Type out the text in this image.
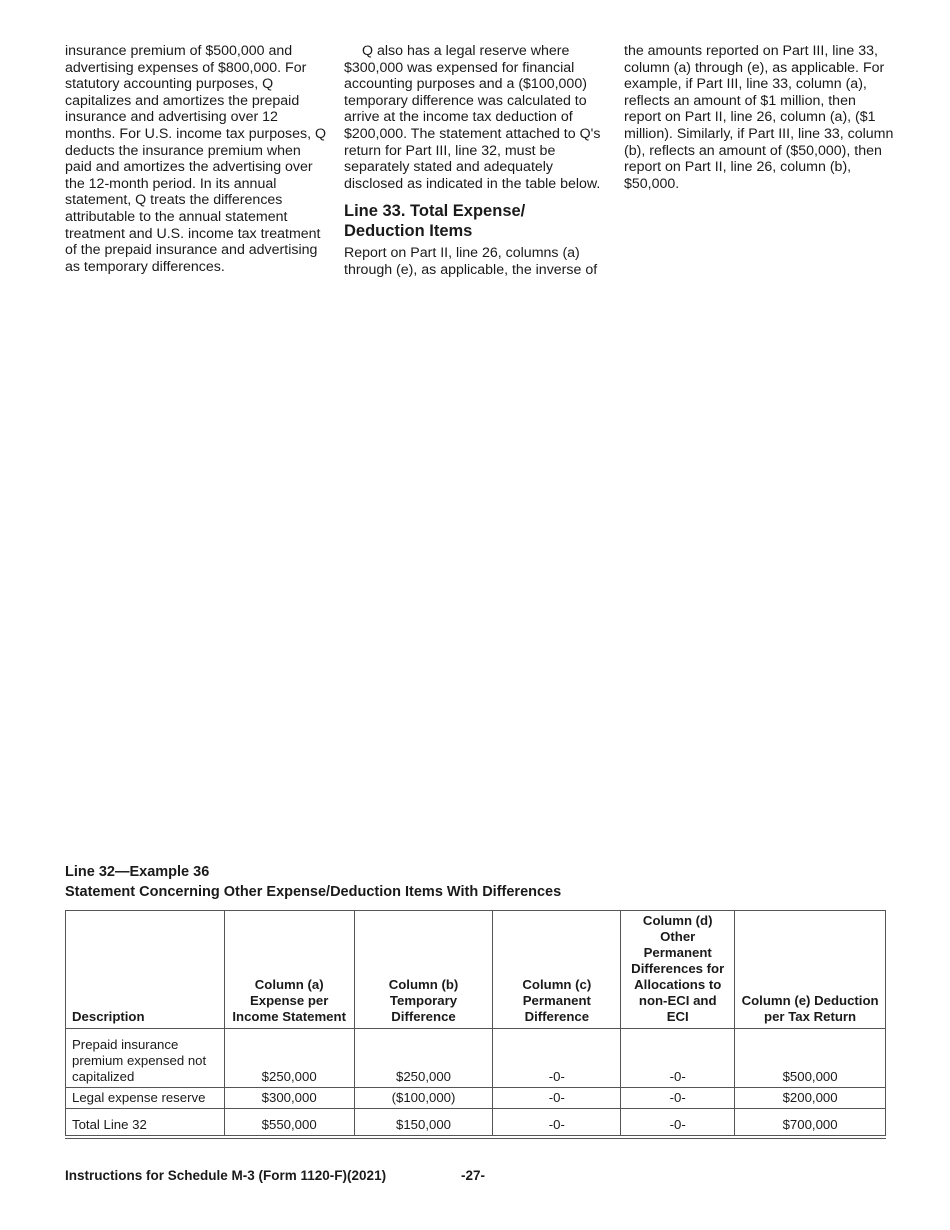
insurance premium of $500,000 and advertising expenses of $800,000. For statutory accounting purposes, Q capitalizes and amortizes the prepaid insurance and advertising over 12 months. For U.S. income tax purposes, Q deducts the insurance premium when paid and amortizes the advertising over the 12-month period. In its annual statement, Q treats the differences attributable to the annual statement treatment and U.S. income tax treatment of the prepaid insurance and advertising as temporary differences.

Q also has a legal reserve where $300,000 was expensed for financial accounting purposes and a ($100,000) temporary difference was calculated to arrive at the income tax deduction of $200,000. The statement attached to Q's return for Part III, line 32, must be separately stated and adequately disclosed as indicated in the table below.

Line 33. Total Expense/ Deduction Items

Report on Part II, line 26, columns (a) through (e), as applicable, the inverse of

the amounts reported on Part III, line 33, column (a) through (e), as applicable. For example, if Part III, line 33, column (a), reflects an amount of $1 million, then report on Part II, line 26, column (a), ($1 million). Similarly, if Part III, line 33, column (b), reflects an amount of ($50,000), then report on Part II, line 26, column (b), $50,000.

Line 32—Example 36
Statement Concerning Other Expense/Deduction Items With Differences
Description	Column (a) Expense per Income Statement	Column (b) Temporary Difference	Column (c) Permanent Difference	Column (d) Other Permanent Differences for Allocations to non-ECI and ECI	Column (e) Deduction per Tax Return
Prepaid insurance premium expensed not capitalized	$250,000	$250,000	-0-	-0-	$500,000
Legal expense reserve	$300,000	($100,000)	-0-	-0-	$200,000
Total Line 32	$550,000	$150,000	-0-	-0-	$700,000
Instructions for Schedule M-3 (Form 1120-F)(2021)	-27-
